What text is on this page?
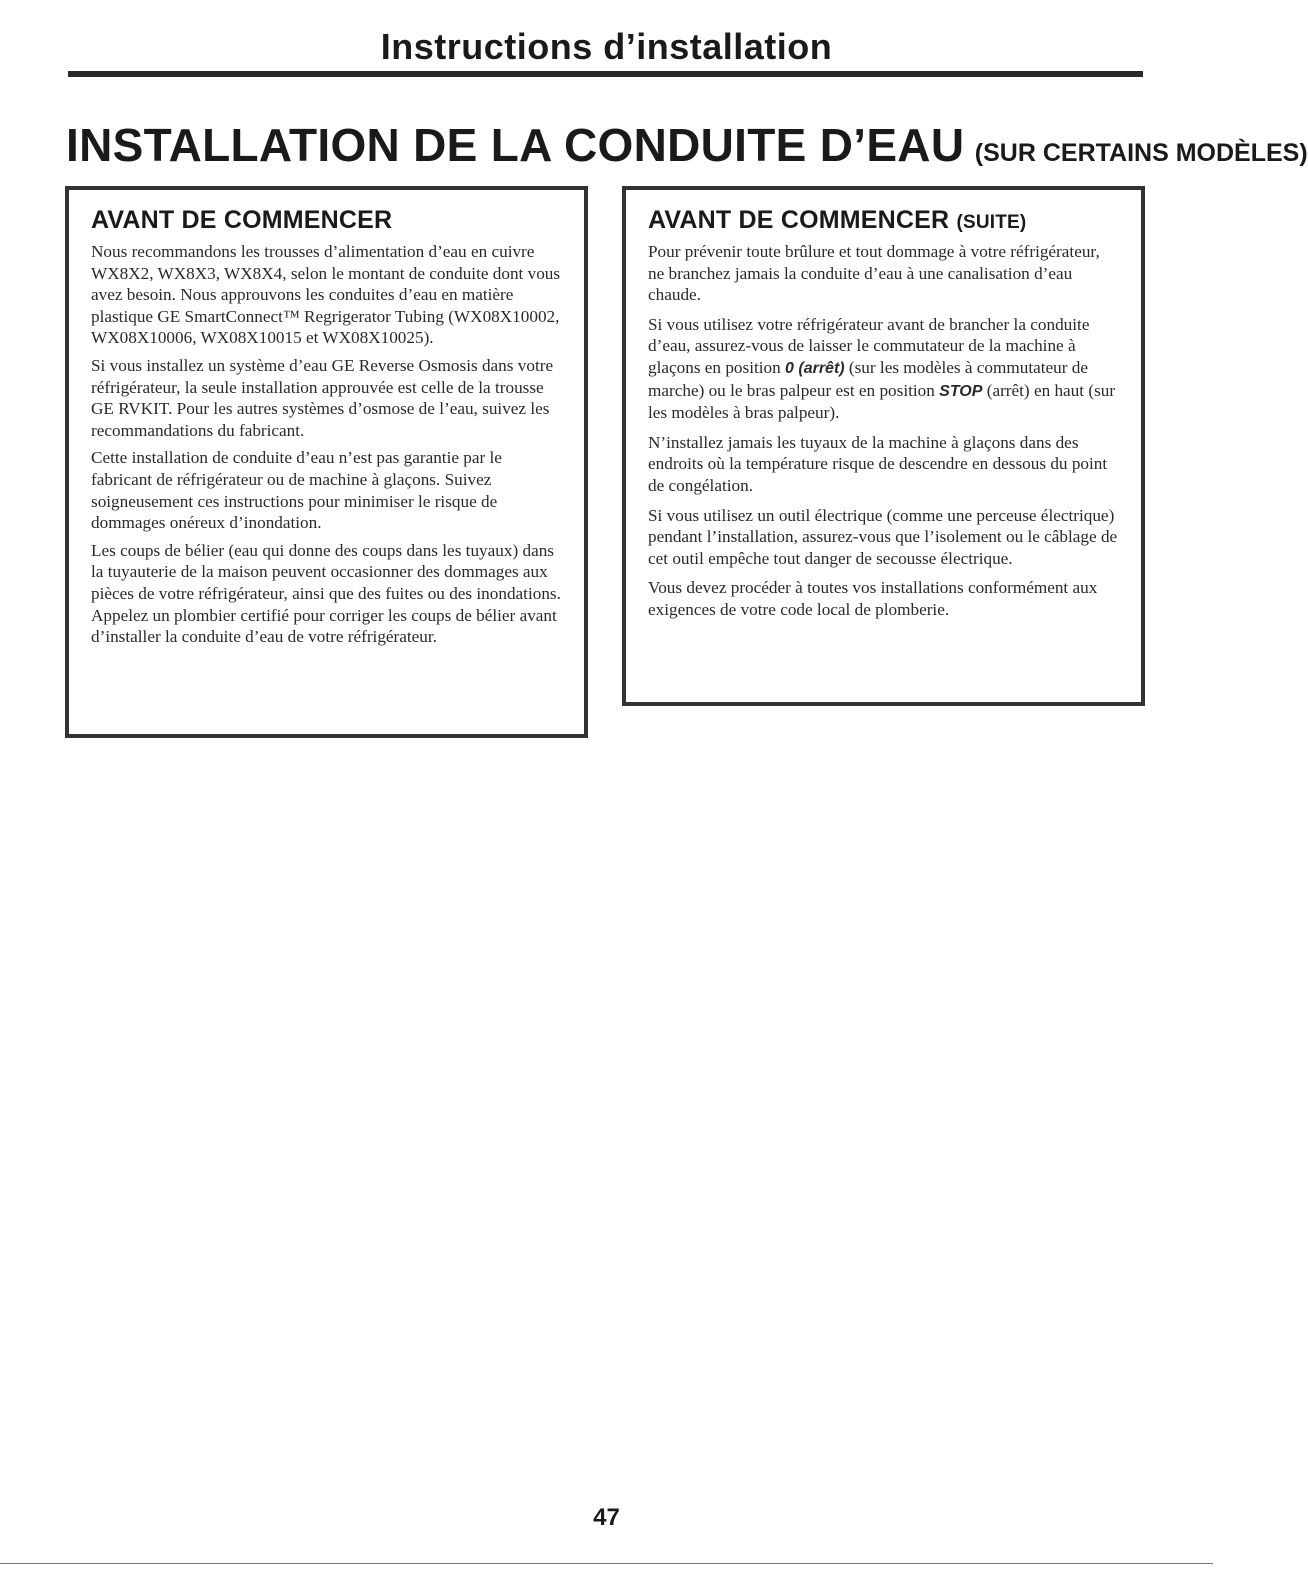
Instructions d’installation
INSTALLATION DE LA CONDUITE D’EAU (SUR CERTAINS MODÈLES)
AVANT DE COMMENCER

Nous recommandons les trousses d’alimentation d’eau en cuivre WX8X2, WX8X3, WX8X4, selon le montant de conduite dont vous avez besoin. Nous approuvons les conduites d’eau en matière plastique GE SmartConnect™ Regrigerator Tubing (WX08X10002, WX08X10006, WX08X10015 et WX08X10025).

Si vous installez un système d’eau GE Reverse Osmosis dans votre réfrigérateur, la seule installation approuvée est celle de la trousse GE RVKIT. Pour les autres systèmes d’osmose de l’eau, suivez les recommandations du fabricant.

Cette installation de conduite d’eau n’est pas garantie par le fabricant de réfrigérateur ou de machine à glaçons. Suivez soigneusement ces instructions pour minimiser le risque de dommages onéreux d’inondation.

Les coups de bélier (eau qui donne des coups dans les tuyaux) dans la tuyauterie de la maison peuvent occasionner des dommages aux pièces de votre réfrigérateur, ainsi que des fuites ou des inondations. Appelez un plombier certifié pour corriger les coups de bélier avant d’installer la conduite d’eau de votre réfrigérateur.

AVANT DE COMMENCER (SUITE)

Pour prévenir toute brûlure et tout dommage à votre réfrigérateur, ne branchez jamais la conduite d’eau à une canalisation d’eau chaude.

Si vous utilisez votre réfrigérateur avant de brancher la conduite d’eau, assurez-vous de laisser le commutateur de la machine à glaçons en position 0 (arrêt) (sur les modèles à commutateur de marche) ou le bras palpeur est en position STOP (arrêt) en haut (sur les modèles à bras palpeur).

N’installez jamais les tuyaux de la machine à glaçons dans des endroits où la température risque de descendre en dessous du point de congélation.

Si vous utilisez un outil électrique (comme une perceuse électrique) pendant l’installation, assurez-vous que l’isolement ou le câblage de cet outil empêche tout danger de secousse électrique.

Vous devez procéder à toutes vos installations conformément aux exigences de votre code local de plomberie.

47
